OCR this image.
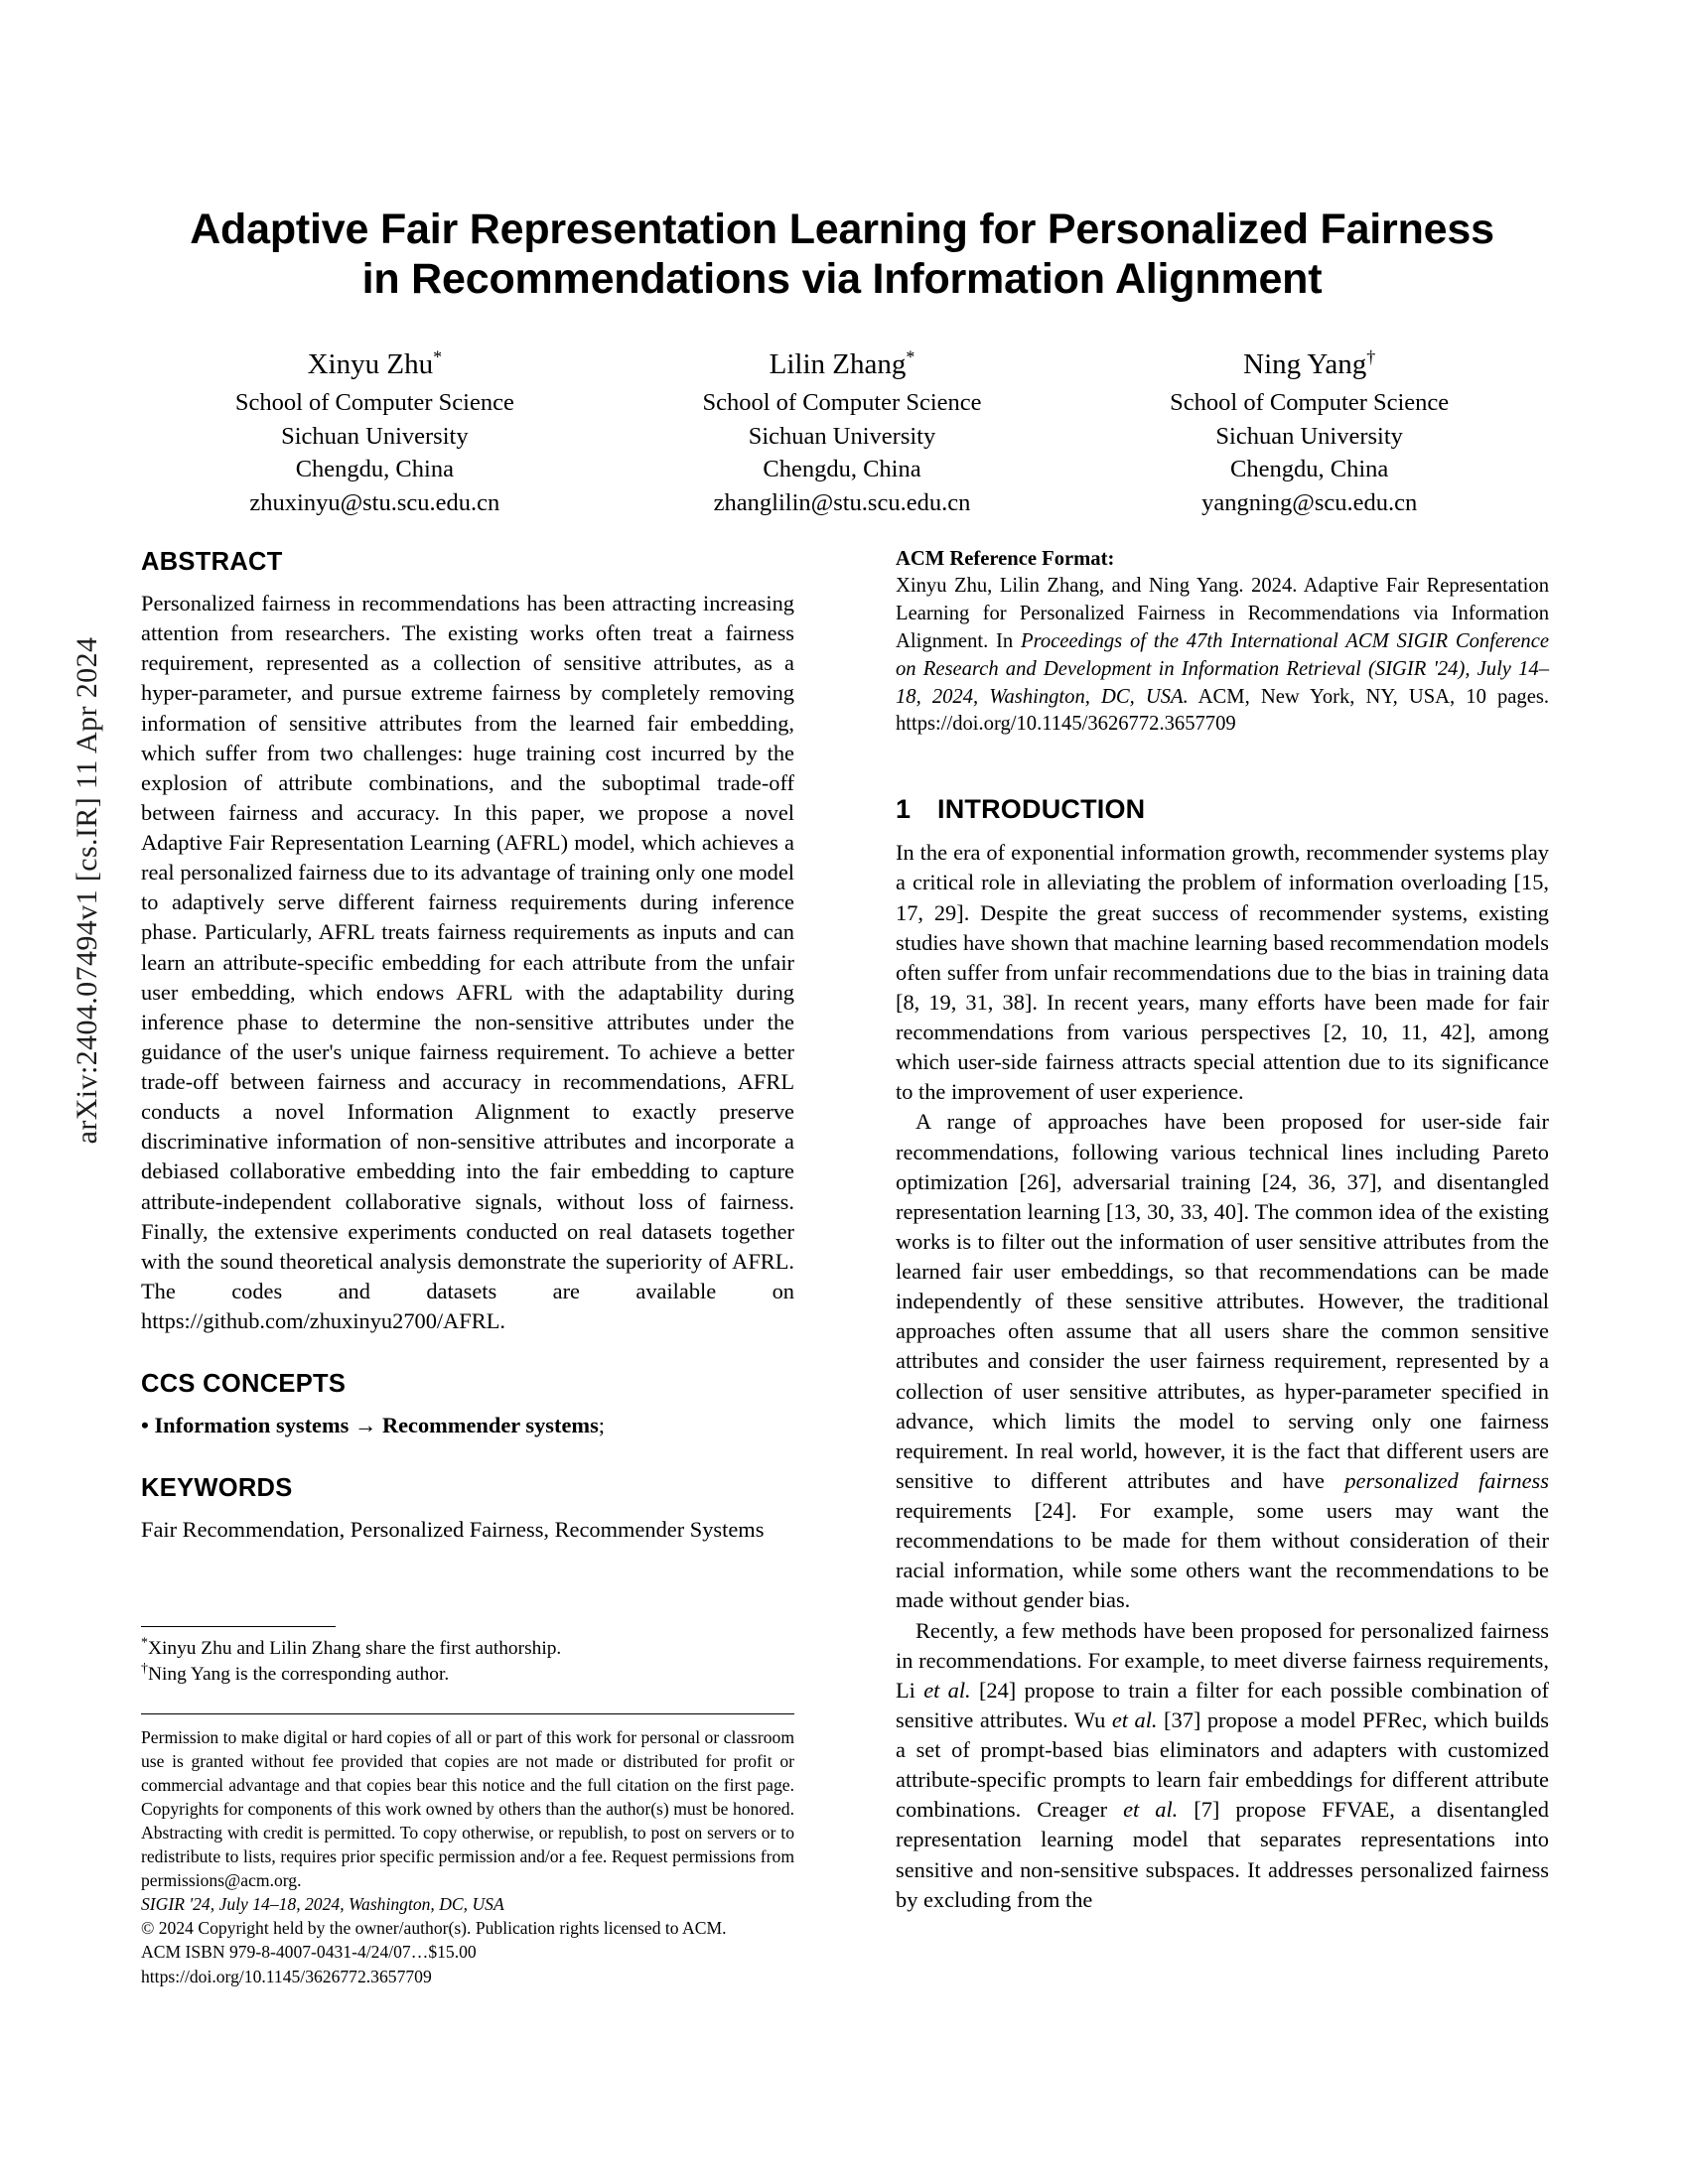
arXiv:2404.07494v1 [cs.IR] 11 Apr 2024
Adaptive Fair Representation Learning for Personalized Fairness
in Recommendations via Information Alignment
Xinyu Zhu*
School of Computer Science
Sichuan University
Chengdu, China
zhuxinyu@stu.scu.edu.cn
Lilin Zhang*
School of Computer Science
Sichuan University
Chengdu, China
zhanglilin@stu.scu.edu.cn
Ning Yang†
School of Computer Science
Sichuan University
Chengdu, China
yangning@scu.edu.cn
ABSTRACT

Personalized fairness in recommendations has been attracting increasing attention from researchers. The existing works often treat a fairness requirement, represented as a collection of sensitive attributes, as a hyper-parameter, and pursue extreme fairness by completely removing information of sensitive attributes from the learned fair embedding, which suffer from two challenges: huge training cost incurred by the explosion of attribute combinations, and the suboptimal trade-off between fairness and accuracy. In this paper, we propose a novel Adaptive Fair Representation Learning (AFRL) model, which achieves a real personalized fairness due to its advantage of training only one model to adaptively serve different fairness requirements during inference phase. Particularly, AFRL treats fairness requirements as inputs and can learn an attribute-specific embedding for each attribute from the unfair user embedding, which endows AFRL with the adaptability during inference phase to determine the non-sensitive attributes under the guidance of the user's unique fairness requirement. To achieve a better trade-off between fairness and accuracy in recommendations, AFRL conducts a novel Information Alignment to exactly preserve discriminative information of non-sensitive attributes and incorporate a debiased collaborative embedding into the fair embedding to capture attribute-independent collaborative signals, without loss of fairness. Finally, the extensive experiments conducted on real datasets together with the sound theoretical analysis demonstrate the superiority of AFRL. The codes and datasets are available on https://github.com/zhuxinyu2700/AFRL.

CCS CONCEPTS

• Information systems → Recommender systems;

KEYWORDS

Fair Recommendation, Personalized Fairness, Recommender Systems

*Xinyu Zhu and Lilin Zhang share the first authorship.

†Ning Yang is the corresponding author.

Permission to make digital or hard copies of all or part of this work for personal or classroom use is granted without fee provided that copies are not made or distributed for profit or commercial advantage and that copies bear this notice and the full citation on the first page. Copyrights for components of this work owned by others than the author(s) must be honored. Abstracting with credit is permitted. To copy otherwise, or republish, to post on servers or to redistribute to lists, requires prior specific permission and/or a fee. Request permissions from permissions@acm.org.

SIGIR '24, July 14–18, 2024, Washington, DC, USA

© 2024 Copyright held by the owner/author(s). Publication rights licensed to ACM.

ACM ISBN 979-8-4007-0431-4/24/07…$15.00

https://doi.org/10.1145/3626772.3657709

ACM Reference Format:

Xinyu Zhu, Lilin Zhang, and Ning Yang. 2024. Adaptive Fair Representation Learning for Personalized Fairness in Recommendations via Information Alignment. In Proceedings of the 47th International ACM SIGIR Conference on Research and Development in Information Retrieval (SIGIR '24), July 14–18, 2024, Washington, DC, USA. ACM, New York, NY, USA, 10 pages. https://doi.org/10.1145/3626772.3657709

1 INTRODUCTION

In the era of exponential information growth, recommender systems play a critical role in alleviating the problem of information overloading [15, 17, 29]. Despite the great success of recommender systems, existing studies have shown that machine learning based recommendation models often suffer from unfair recommendations due to the bias in training data [8, 19, 31, 38]. In recent years, many efforts have been made for fair recommendations from various perspectives [2, 10, 11, 42], among which user-side fairness attracts special attention due to its significance to the improvement of user experience.

A range of approaches have been proposed for user-side fair recommendations, following various technical lines including Pareto optimization [26], adversarial training [24, 36, 37], and disentangled representation learning [13, 30, 33, 40]. The common idea of the existing works is to filter out the information of user sensitive attributes from the learned fair user embeddings, so that recommendations can be made independently of these sensitive attributes. However, the traditional approaches often assume that all users share the common sensitive attributes and consider the user fairness requirement, represented by a collection of user sensitive attributes, as hyper-parameter specified in advance, which limits the model to serving only one fairness requirement. In real world, however, it is the fact that different users are sensitive to different attributes and have personalized fairness requirements [24]. For example, some users may want the recommendations to be made for them without consideration of their racial information, while some others want the recommendations to be made without gender bias.

Recently, a few methods have been proposed for personalized fairness in recommendations. For example, to meet diverse fairness requirements, Li et al. [24] propose to train a filter for each possible combination of sensitive attributes. Wu et al. [37] propose a model PFRec, which builds a set of prompt-based bias eliminators and adapters with customized attribute-specific prompts to learn fair embeddings for different attribute combinations. Creager et al. [7] propose FFVAE, a disentangled representation learning model that separates representations into sensitive and non-sensitive subspaces. It addresses personalized fairness by excluding from the
